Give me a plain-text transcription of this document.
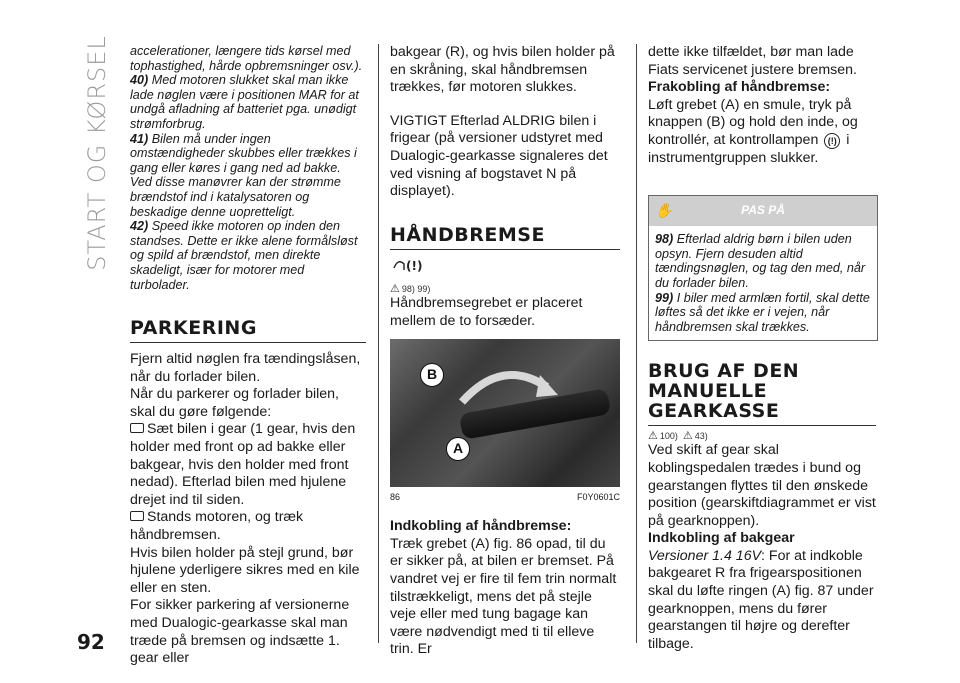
START OG KØRSEL accelerationer, længere tids kørsel med tophastighed, hårde opbremsninger osv.).

40) Med motoren slukket skal man ikke lade nøglen være i positionen MAR for at undgå afladning af batteriet pga. unødigt strømforbrug.

41) Bilen må under ingen omstændigheder skubbes eller trækkes i gang eller køres i gang ned ad bakke. Ved disse manøvrer kan der strømme brændstof ind i katalysatoren og beskadige denne uopretteligt.

42) Speed ikke motoren op inden den standses. Dette er ikke alene formålsløst og spild af brændstof, men direkte skadeligt, især for motorer med turbolader.

PARKERING

Fjern altid nøglen fra tændingslåsen, når du forlader bilen.

Når du parkerer og forlader bilen, skal du gøre følgende:

Sæt bilen i gear (1 gear, hvis den holder med front op ad bakke eller bakgear, hvis den holder med front nedad). Efterlad bilen med hjulene drejet ind til siden.

Stands motoren, og træk håndbremsen.

Hvis bilen holder på stejl grund, bør hjulene yderligere sikres med en kile eller en sten.

For sikker parkering af versionerne med Dualogic-gearkasse skal man træde på bremsen og indsætte 1. gear eller

bakgear (R), og hvis bilen holder på en skråning, skal håndbremsen trækkes, før motoren slukkes.

VIGTIGT Efterlad ALDRIG bilen i frigear (på versioner udstyret med Dualogic-gearkasse signaleres det ved visning af bogstavet N på displayet).

HÅNDBREMSE
(!)
⚠ 98) 99)

Håndbremsegrebet er placeret mellem de to forsæder.

B
A
86	F0Y0601C

Indkobling af håndbremse:

Træk grebet (A) fig. 86 opad, til du er sikker på, at bilen er bremset. På vandret vej er fire til fem trin normalt tilstrækkeligt, mens det på stejle veje eller med tung bagage kan være nødvendigt med ti til elleve trin. Er

dette ikke tilfældet, bør man lade Fiats servicenet justere bremsen.

Frakobling af håndbremse:

Løft grebet (A) en smule, tryk på knappen (B) og hold den inde, og kontrollér, at kontrollampen (!) i instrumentgruppen slukker.

✋	PAS PÅ

98) Efterlad aldrig børn i bilen uden opsyn. Fjern desuden altid tændingsnøglen, og tag den med, når du forlader bilen.

99) I biler med armlæn fortil, skal dette løftes så det ikke er i vejen, når håndbremsen skal trækkes.

BRUG AF DEN MANUELLE GEARKASSE
⚠ 100) ⚠ 43)

Ved skift af gear skal koblingspedalen trædes i bund og gearstangen flyttes til den ønskede position (gearskiftdiagrammet er vist på gearknoppen).

Indkobling af bakgear

Versioner 1.4 16V: For at indkoble bakgearet R fra frigearspositionen skal du løfte ringen (A) fig. 87 under gearknoppen, mens du fører gearstangen til højre og derefter tilbage.

92
